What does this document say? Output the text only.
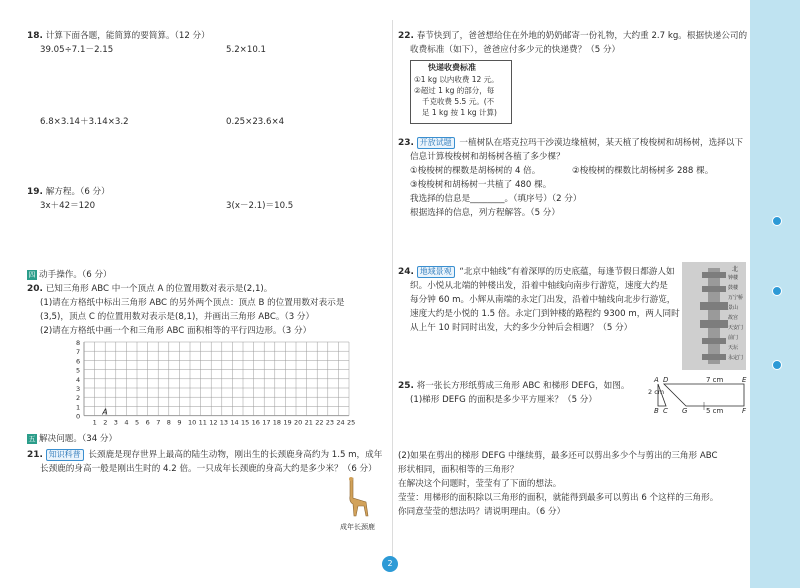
18. 计算下面各题，能简算的要简算。（12 分）
39.05÷7.1－2.15	5.2×10.1
6.8×3.14＋3.14×3.2	0.25×23.6×4
19. 解方程。（6 分）
3x＋42＝120	3(x－2.1)＝10.5
四 动手操作。（6 分）
20. 已知三角形 ABC 中一个顶点 A 的位置用数对表示是(2,1)。
(1)请在方格纸中标出三角形 ABC 的另外两个顶点：顶点 B 的位置用数对表示是
(3,5)，顶点 C 的位置用数对表示是(8,1)，并画出三角形 ABC。（3 分）
(2)请在方格纸中画一个和三角形 ABC 面积相等的平行四边形。（3 分）
8
7
6
5
4
3
2
1
0
1 2 3 4 5 6 7 8 9 10 11 12 13 14 15 16 17 18 19 20 21 22 23 24 25
A
五 解决问题。（34 分）
21. 知识科普 长颈鹿是现存世界上最高的陆生动物，刚出生的长颈鹿身高约为 1.5 m，成年
长颈鹿的身高一般是刚出生时的 4.2 倍。一只成年长颈鹿的身高大约是多少米？（6 分）
成年长颈鹿
22. 春节快到了，爸爸想给住在外地的奶奶邮寄一份礼物，大约重 2.7 kg。根据快递公司的
收费标准（如下），爸爸应付多少元的快递费？（5 分）
快递收费标准
①1 kg 以内收费 12 元。
②超过 1 kg 的部分，每
千克收费 5.5 元。(不
足 1 kg 按 1 kg 计算)
23. 开放试题 一植树队在塔克拉玛干沙漠边缘植树，某天植了梭梭树和胡杨树，选择以下
信息计算梭梭树和胡杨树各植了多少棵？
①梭梭树的棵数是胡杨树的 4 倍。	②梭梭树的棵数比胡杨树多 288 棵。
③梭梭树和胡杨树一共植了 480 棵。
我选择的信息是________。（填序号）（2 分）
根据选择的信息，列方程解答。（5 分）
24. 地域景观 “北京中轴线”有着深厚的历史底蕴，每逢节假日都游人如
织。小悦从北端的钟楼出发，沿着中轴线向南步行游览，速度大约是
每分钟 60 m。小辉从南端的永定门出发，沿着中轴线向北步行游览，
速度大约是小悦的 1.5 倍。永定门到钟楼的路程约 9300 m，两人同时
从上午 10 时同时出发，大约多少分钟后会相遇？（5 分）
北
钟楼
鼓楼
万宁桥
景山
故宫
天安门
前门
天坛
永定门
25. 将一张长方形纸剪成三角形 ABC 和梯形 DEFG，如图。
(1)梯形 DEFG 的面积是多少平方厘米？（5 分）
A D	E
7 cm
2 cm
B C G	5 cm	F
(2)如果在剪出的梯形 DEFG 中继续剪，最多还可以剪出多少个与剪出的三角形 ABC
形状相同，面积相等的三角形？
在解决这个问题时，莹莹有了下面的想法。
莹莹：用梯形的面积除以三角形的面积，就能得到最多可以剪出 6 个这样的三角形。
你同意莹莹的想法吗？请说明理由。（6 分）
2
